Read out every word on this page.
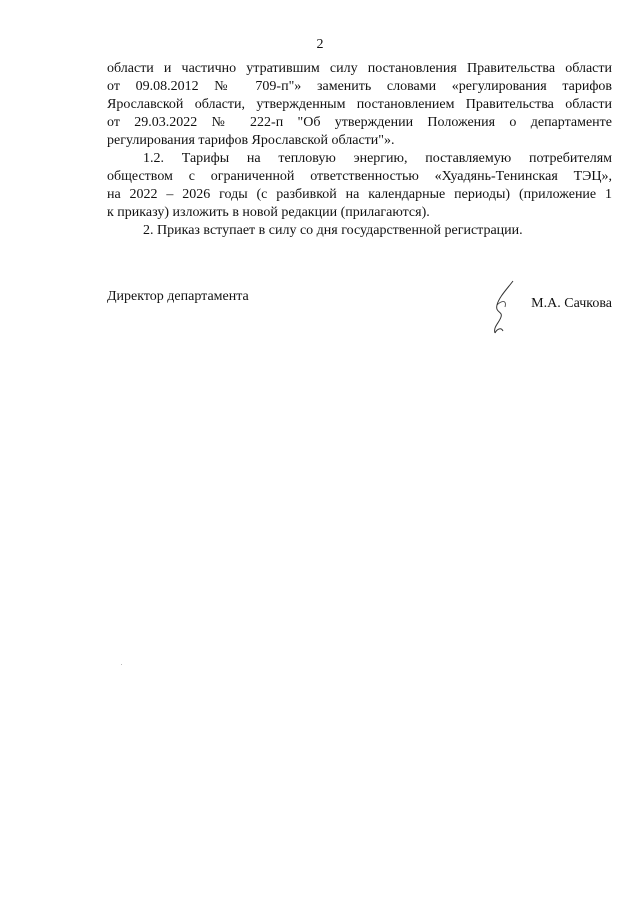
2
области и частично утратившим силу постановления Правительства области
от 09.08.2012 № 709-п"» заменить словами «регулирования тарифов
Ярославской области, утвержденным постановлением Правительства области
от 29.03.2022 № 222-п "Об утверждении Положения о департаменте
регулирования тарифов Ярославской области"».
1.2. Тарифы на тепловую энергию, поставляемую потребителям
обществом с ограниченной ответственностью «Хуадянь-Тенинская ТЭЦ»,
на 2022 – 2026 годы (с разбивкой на календарные периоды) (приложение 1
к приказу) изложить в новой редакции (прилагаются).
2. Приказ вступает в силу со дня государственной регистрации.
Директор департамента	М.А. Сачкова
